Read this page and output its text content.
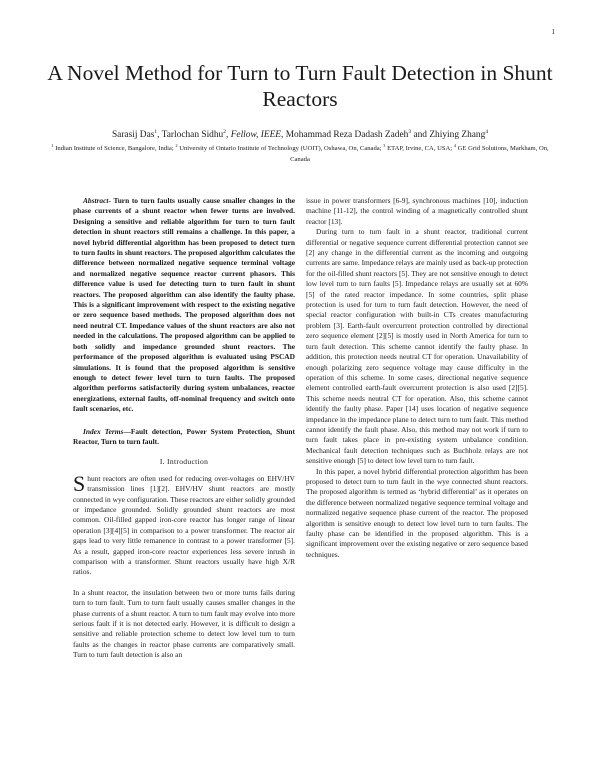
1
A Novel Method for Turn to Turn Fault Detection in Shunt Reactors
Sarasij Das$^1$, Tarlochan Sidhu$^2$, Fellow, IEEE, Mohammad Reza Dadash Zadeh$^3$ and Zhiying Zhang$^4$
$^1$ Indian Institute of Science, Bangalore, India; $^2$ University of Ontario Institute of Technology (UOIT), Oshawa, On, Canada; $^3$ ETAP, Irvine, CA, USA; $^4$ GE Grid Solutions, Markham, On, Canada

Abstract- Turn to turn faults usually cause smaller changes in the phase currents of a shunt reactor when fewer turns are involved. Designing a sensitive and reliable algorithm for turn to turn fault detection in shunt reactors still remains a challenge. In this paper, a novel hybrid differential algorithm has been proposed to detect turn to turn faults in shunt reactors. The proposed algorithm calculates the difference between normalized negative sequence terminal voltage and normalized negative sequence reactor current phasors. This difference value is used for detecting turn to turn fault in shunt reactors. The proposed algorithm can also identify the faulty phase. This is a significant improvement with respect to the existing negative or zero sequence based methods. The proposed algorithm does not need neutral CT. Impedance values of the shunt reactors are also not needed in the calculations. The proposed algorithm can be applied to both solidly and impedance grounded shunt reactors. The performance of the proposed algorithm is evaluated using PSCAD simulations. It is found that the proposed algorithm is sensitive enough to detect fewer level turn to turn faults. The proposed algorithm performs satisfactorily during system unbalances, reactor energizations, external faults, off-nominal frequency and switch onto fault scenarios, etc.

Index Terms—Fault detection, Power System Protection, Shunt Reactor, Turn to turn fault.

I. Introduction

Shunt reactors are often used for reducing over-voltages on EHV/HV transmission lines [1][2]. EHV/HV shunt reactors are mostly connected in wye configuration. These reactors are either solidly grounded or impedance grounded. Solidly grounded shunt reactors are most common. Oil-filled gapped iron-core reactor has longer range of linear operation [3][4][5] in comparison to a power transformer. The reactor air gaps lead to very little remanence in contrast to a power transformer [5]. As a result, gapped iron-core reactor experiences less severe inrush in comparison with a transformer. Shunt reactors usually have high X/R ratios.

In a shunt reactor, the insulation between two or more turns fails during turn to turn fault. Turn to turn fault usually causes smaller changes in the phase currents of a shunt reactor. A turn to turn fault may evolve into more serious fault if it is not detected early. However, it is difficult to design a sensitive and reliable protection scheme to detect low level turn to turn faults as the changes in reactor phase currents are comparatively small. Turn to turn fault detection is also an

issue in power transformers [6-9], synchronous machines [10], induction machine [11-12], the control winding of a magnetically controlled shunt reactor [13].

During turn to turn fault in a shunt reactor, traditional current differential or negative sequence current differential protection cannot see [2] any change in the differential current as the incoming and outgoing currents are same. Impedance relays are mainly used as back-up protection for the oil-filled shunt reactors [5]. They are not sensitive enough to detect low level turn to turn faults [5]. Impedance relays are usually set at 60% [5] of the rated reactor impedance. In some countries, split phase protection is used for turn to turn fault detection. However, the need of special reactor configuration with built-in CTs creates manufacturing problem [3]. Earth-fault overcurrent protection controlled by directional zero sequence element [2][5] is mostly used in North America for turn to turn fault detection. This scheme cannot identify the faulty phase. In addition, this protection needs neutral CT for operation. Unavailability of enough polarizing zero sequence voltage may cause difficulty in the operation of this scheme. In some cases, directional negative sequence element controlled earth-fault overcurrent protection is also used [2][5]. This scheme needs neutral CT for operation. Also, this scheme cannot identify the faulty phase. Paper [14] uses location of negative sequence impedance in the impedance plane to detect turn to turn fault. This method cannot identify the fault phase. Also, this method may not work if turn to turn fault takes place in pre-existing system unbalance condition. Mechanical fault detection techniques such as Buchholz relays are not sensitive enough [5] to detect low level turn to turn fault.

In this paper, a novel hybrid differential protection algorithm has been proposed to detect turn to turn fault in the wye connected shunt reactors. The proposed algorithm is termed as ‘hybrid differential’ as it operates on the difference between normalized negative sequence terminal voltage and normalized negative sequence phase current of the reactor. The proposed algorithm is sensitive enough to detect low level turn to turn faults. The faulty phase can be identified in the proposed algorithm. This is a significant improvement over the existing negative or zero sequence based techniques.
